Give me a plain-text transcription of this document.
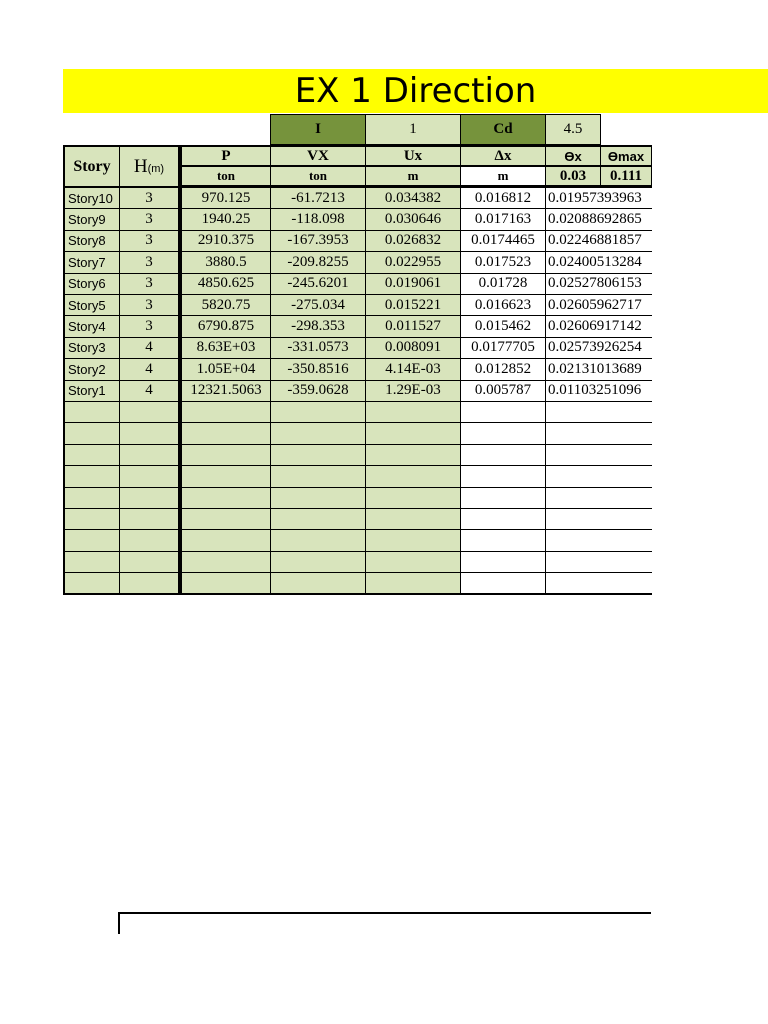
EX 1 Direction
I	1	Cd	4.5
Story	H (m)
P	VX	Ux	Δx	ϴx	ϴmax
ton	ton	m	m	0.03	0.111
Story10	3	970.125	-61.7213	0.034382	0.016812	0.01957393963
Story9	3	1940.25	-118.098	0.030646	0.017163	0.02088692865
Story8	3	2910.375	-167.3953	0.026832	0.0174465 0.02246881857
Story7	3	3880.5	-209.8255	0.022955	0.017523	0.02400513284
Story6	3	4850.625	-245.6201	0.019061	0.01728	0.02527806153
Story5	3	5820.75	-275.034	0.015221	0.016623	0.02605962717
Story4	3	6790.875	-298.353	0.011527	0.015462	0.02606917142
Story3	4	8.63E+03	-331.0573	0.008091	0.0177705 0.02573926254
Story2	4	1.05E+04	-350.8516	4.14E-03	0.012852	0.02131013689
Story1	4	12321.5063	-359.0628	1.29E-03	0.005787	0.01103251096
